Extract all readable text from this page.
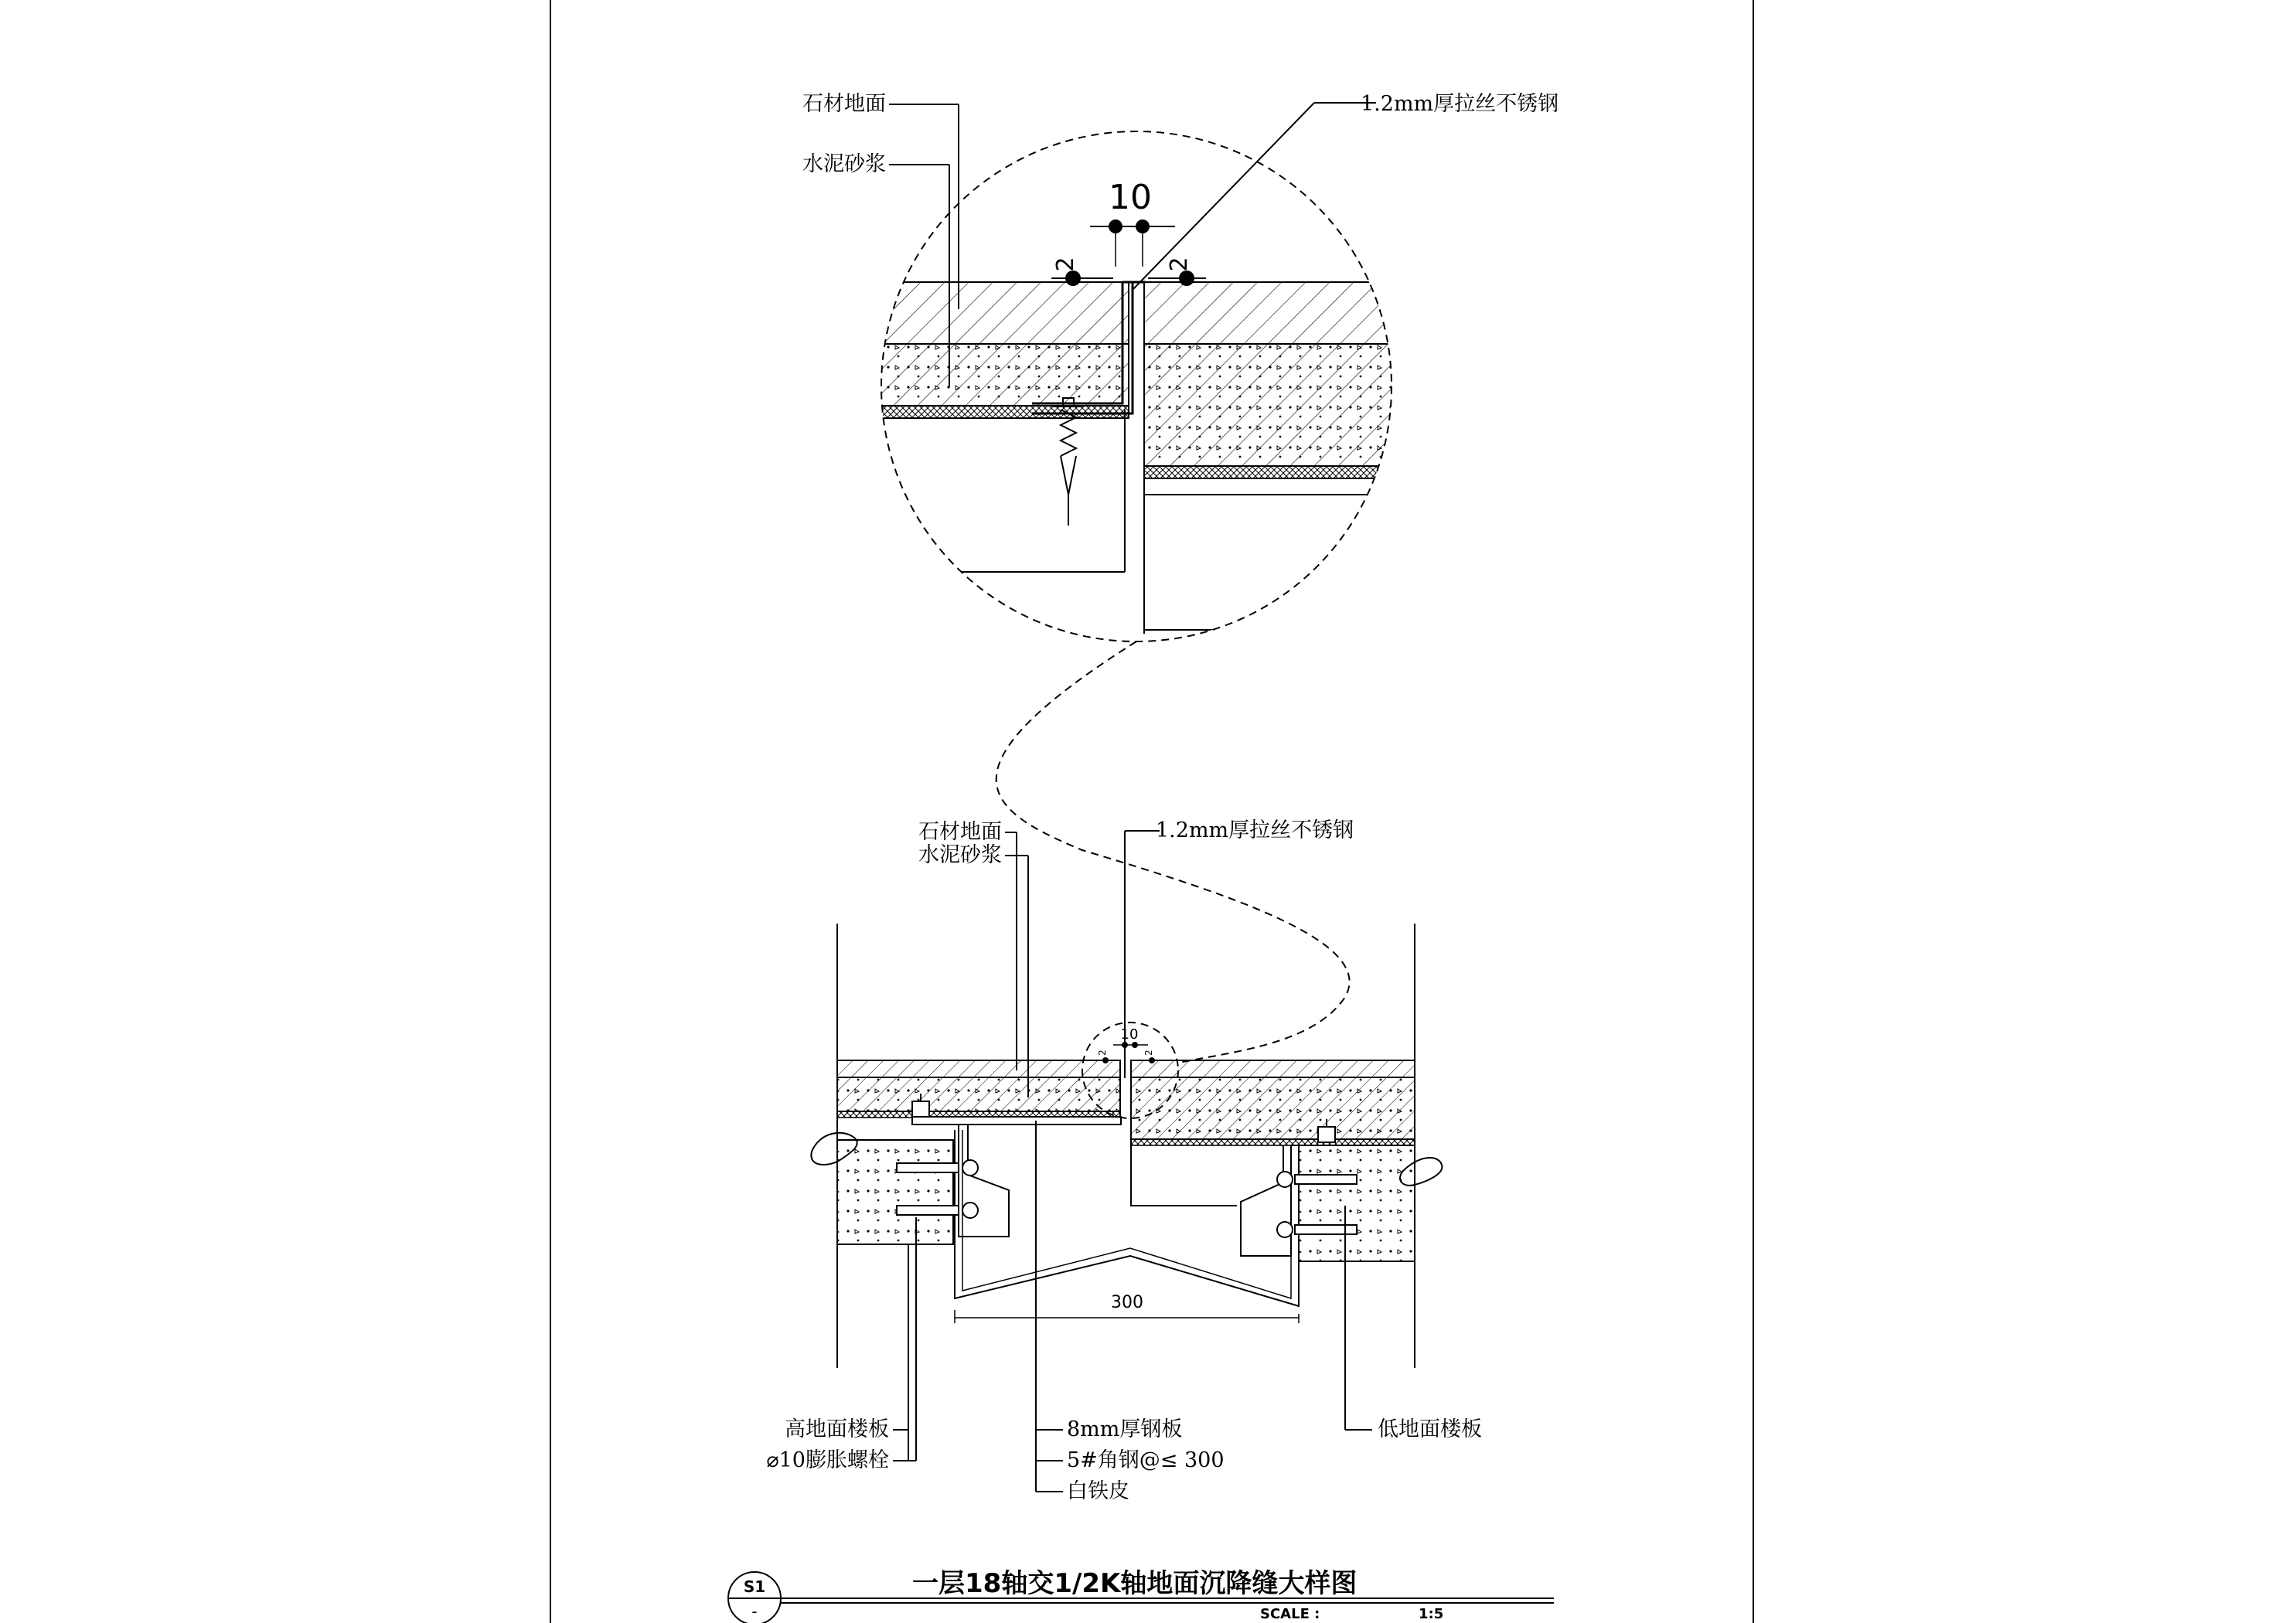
10
2	2
石材地面
水泥砂浆
1.2mm厚拉丝不锈钢
10
2	2
300
石材地面
水泥砂浆
1.2mm厚拉丝不锈钢
高地面楼板
⌀10膨胀螺栓
8mm厚钢板
5#角钢@≤ 300
白铁皮
低地面楼板
S1
-
一层18轴交1/2K轴地面沉降缝大样图
SCALE :	1:5
